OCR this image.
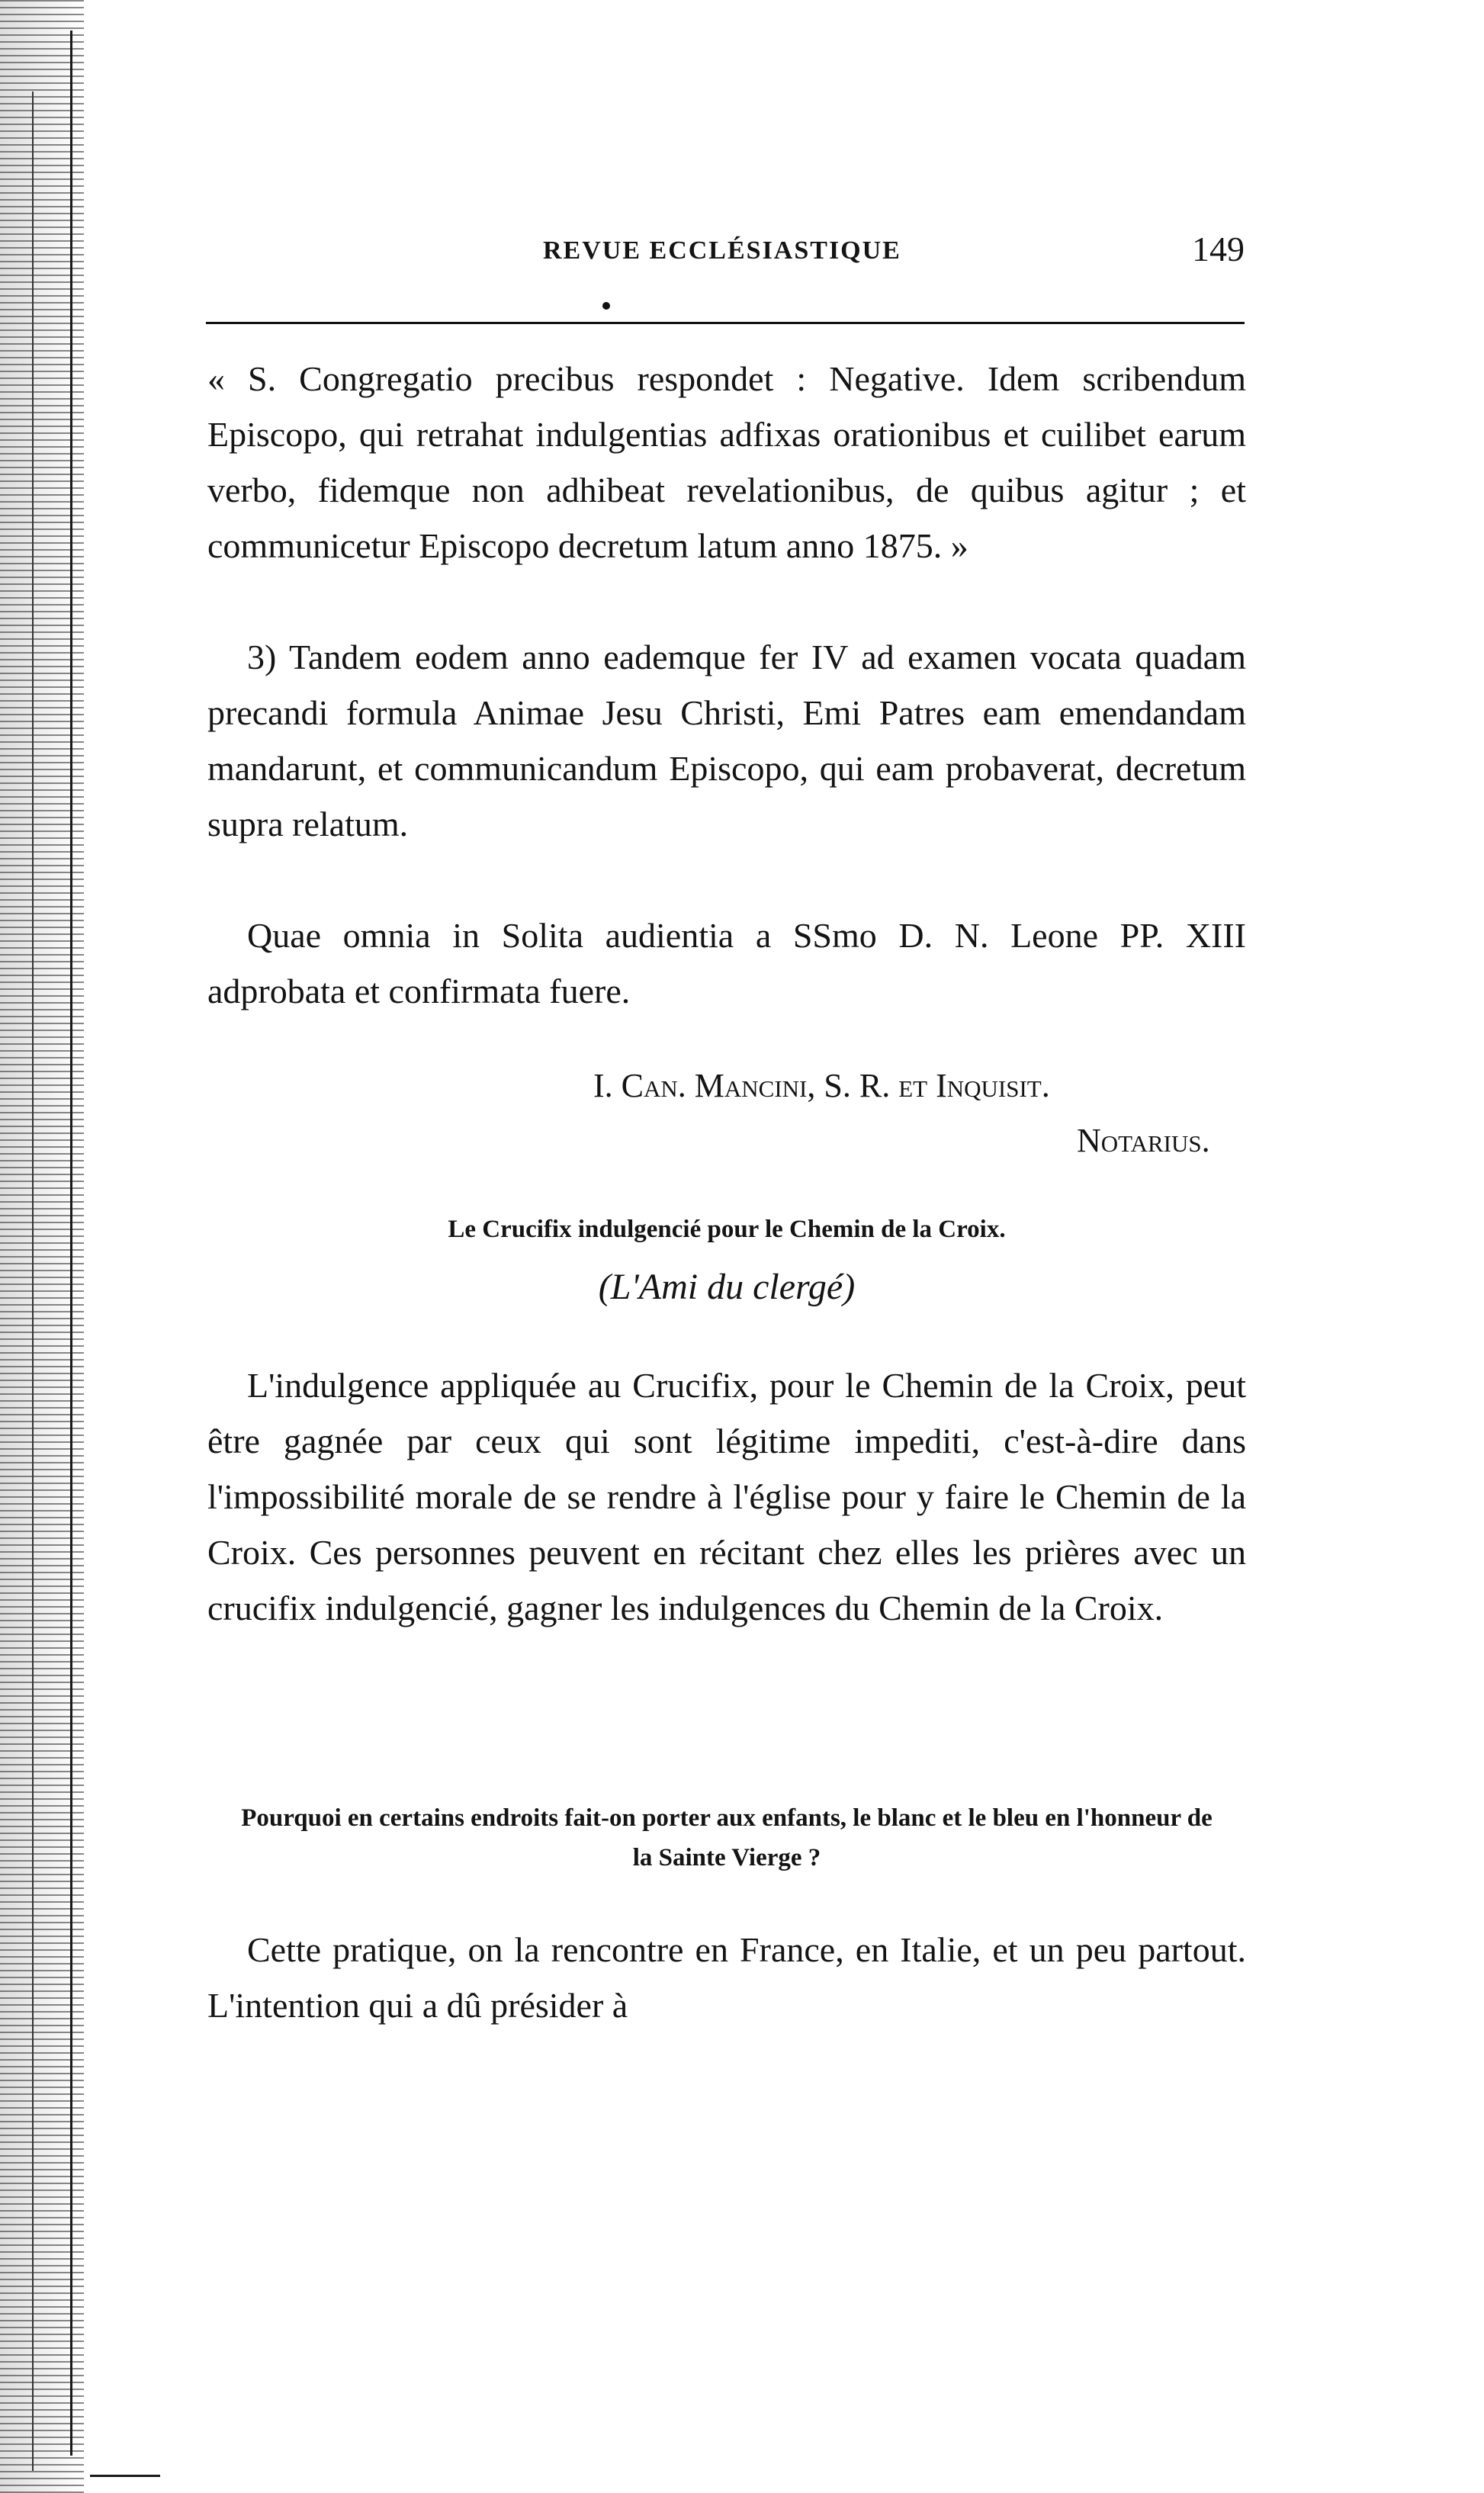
REVUE ECCLÉSIASTIQUE	149

« S. Congregatio precibus respondet : Negative. Idem scribendum Episcopo, qui retrahat indulgentias adfixas orationibus et cuilibet earum verbo, fidemque non adhibeat revelationibus, de quibus agitur ; et communicetur Episcopo decretum latum anno 1875. »

3) Tandem eodem anno eademque fer IV ad examen vocata quadam precandi formula Animae Jesu Christi, Emi Patres eam emendandam mandarunt, et communicandum Episcopo, qui eam probaverat, decretum supra relatum.

Quae omnia in Solita audientia a SSmo D. N. Leone PP. XIII adprobata et confirmata fuere.

I. Can. Mancini, S. R. et Inquisit.
Notarius.
Le Crucifix indulgencié pour le Chemin de la Croix.
(L'Ami du clergé)

L'indulgence appliquée au Crucifix, pour le Chemin de la Croix, peut être gagnée par ceux qui sont légitime impediti, c'est-à-dire dans l'impossibilité morale de se rendre à l'église pour y faire le Chemin de la Croix. Ces personnes peuvent en récitant chez elles les prières avec un crucifix indulgencié, gagner les indulgences du Chemin de la Croix.

Pourquoi en certains endroits fait-on porter aux enfants, le blanc et le bleu en l'honneur de la Sainte Vierge ?

Cette pratique, on la rencontre en France, en Italie, et un peu partout. L'intention qui a dû présider à
